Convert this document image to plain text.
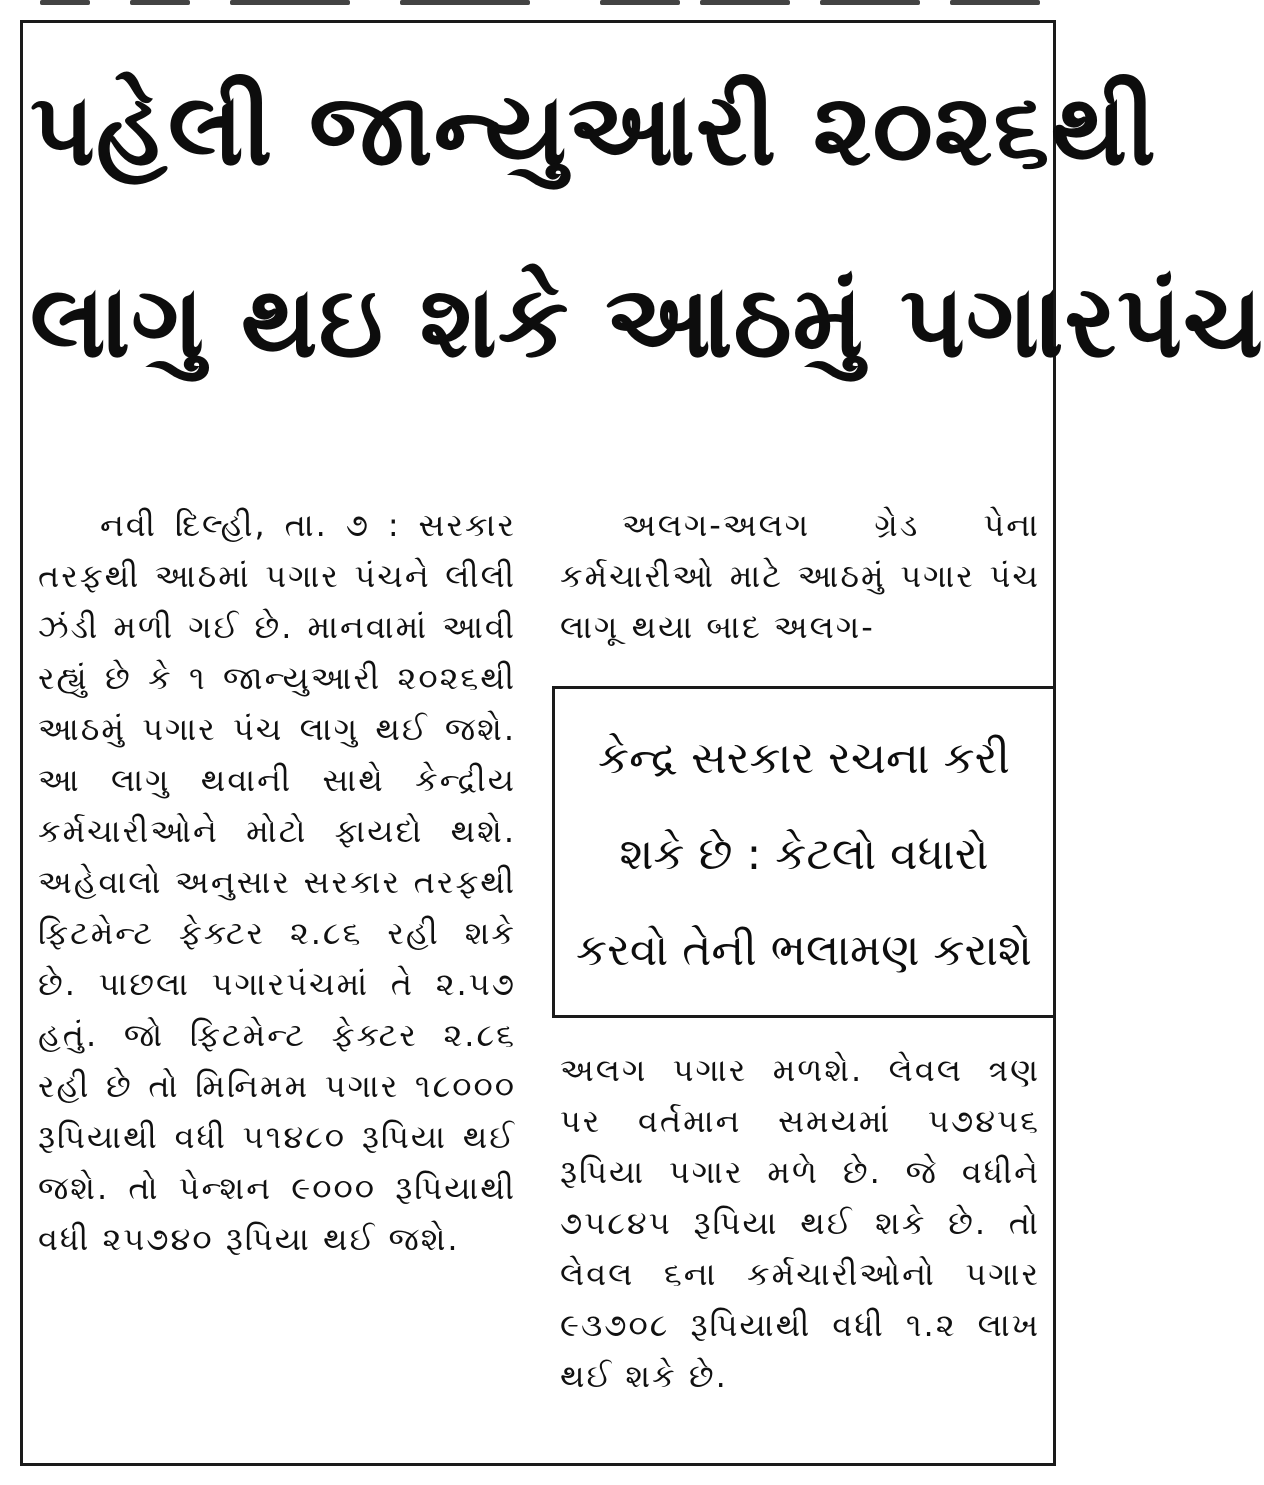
પહેલી જાન્યુઆરી ૨૦૨૬થી
લાગુ થઇ શકે આઠમું પગારપંચ

નવી દિલ્હી, તા. ૭ : સરકાર તરફથી આઠમાં પગાર પંચને લીલી ઝંડી મળી ગઈ છે. માનવામાં આવી રહ્યું છે કે ૧ જાન્યુઆરી ૨૦૨૬થી આઠમું પગાર પંચ લાગુ થઈ જશે. આ લાગુ થવાની સાથે કેન્દ્રીય કર્મચારીઓને મોટો ફાયદો થશે. અહેવાલો અનુસાર સરકાર તરફથી ફિટમેન્ટ ફેક્ટર ૨.૮૬ રહી શકે છે. પાછલા પગારપંચમાં તે ૨.૫૭ હતું. જો ફિટમેન્ટ ફેક્ટર ૨.૮૬ રહી છે તો મિનિમમ પગાર ૧૮૦૦૦ રૂપિયાથી વધી ૫૧૪૮૦ રૂપિયા થઈ જશે. તો પેન્શન ૯૦૦૦ રૂપિયાથી વધી ૨૫૭૪૦ રૂપિયા થઈ જશે.

અલગ-અલગ ગ્રેડ પેના કર્મચારીઓ માટે આઠમું પગાર પંચ લાગૂ થયા બાદ અલગ-

કેન્દ્ર સરકાર રચના કરી શકે છે : કેટલો વધારો કરવો તેની ભલામણ કરાશે

અલગ પગાર મળશે. લેવલ ત્રણ પર વર્તમાન સમયમાં ૫૭૪૫૬ રૂપિયા પગાર મળે છે. જે વધીને ૭૫૮૪૫ રૂપિયા થઈ શકે છે. તો લેવલ ૬ના કર્મચારીઓનો પગાર ૯૩૭૦૮ રૂપિયાથી વધી ૧.૨ લાખ થઈ શકે છે.
